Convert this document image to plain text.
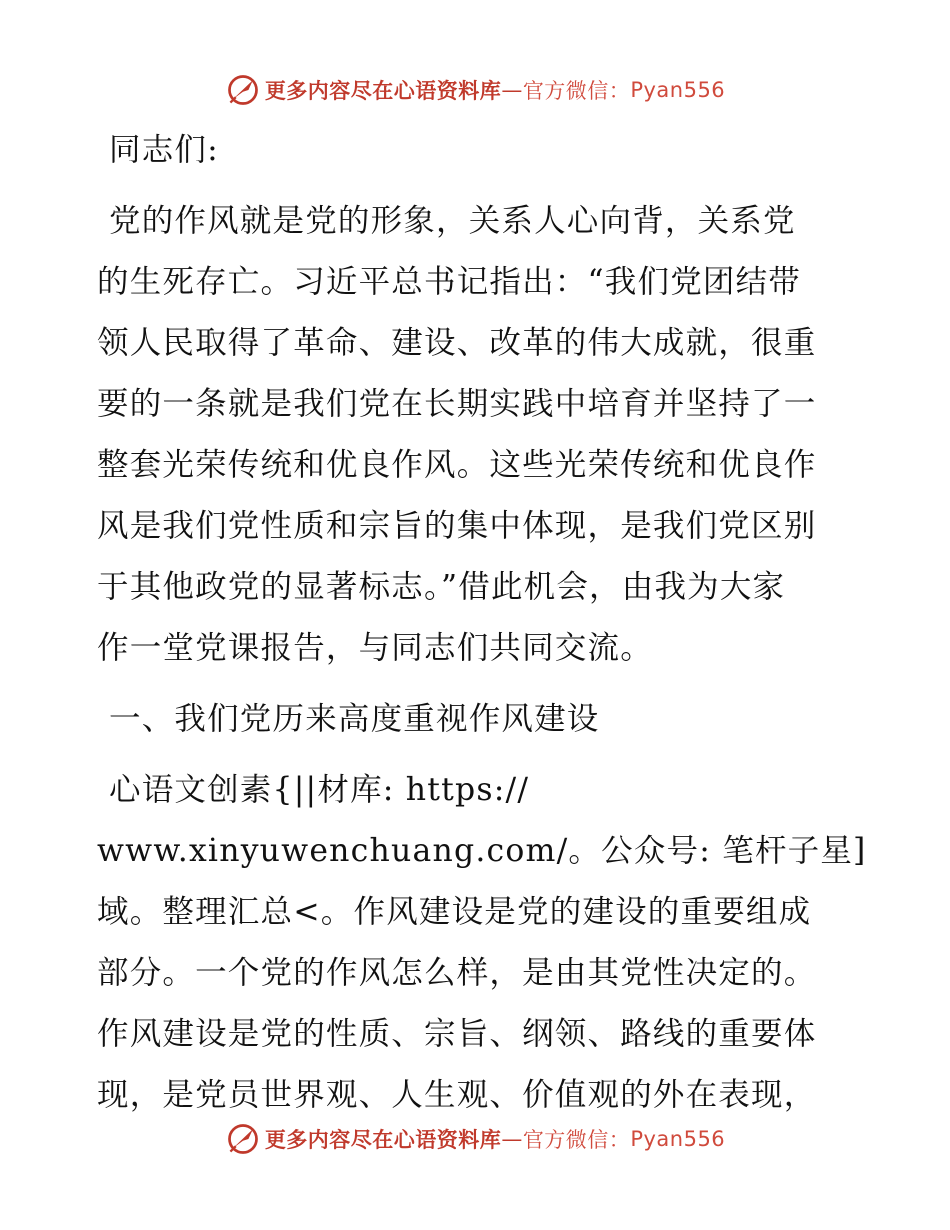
更多内容尽在心语资料库 — 官方微信： Pyan556

同志们:

党的作风就是党的形象，关系人心向背，关系党
的生死存亡。习近平总书记指出：“我们党团结带
领人民取得了革命、建设、改革的伟大成就，很重
要的一条就是我们党在长期实践中培育并坚持了一
整套光荣传统和优良作风。这些光荣传统和优良作
风是我们党性质和宗旨的集中体现，是我们党区别
于其他政党的显著标志。”借此机会，由我为大家
作一堂党课报告，与同志们共同交流。

一、我们党历来高度重视作风建设

心语文创素{||材库: https://
www.xinyuwenchuang.com/。公众号: 笔杆子星]
域。整理汇总<。作风建设是党的建设的重要组成
部分。一个党的作风怎么样，是由其党性决定的。
作风建设是党的性质、宗旨、纲领、路线的重要体
现，是党员世界观、人生观、价值观的外在表现，

更多内容尽在心语资料库 — 官方微信： Pyan556
